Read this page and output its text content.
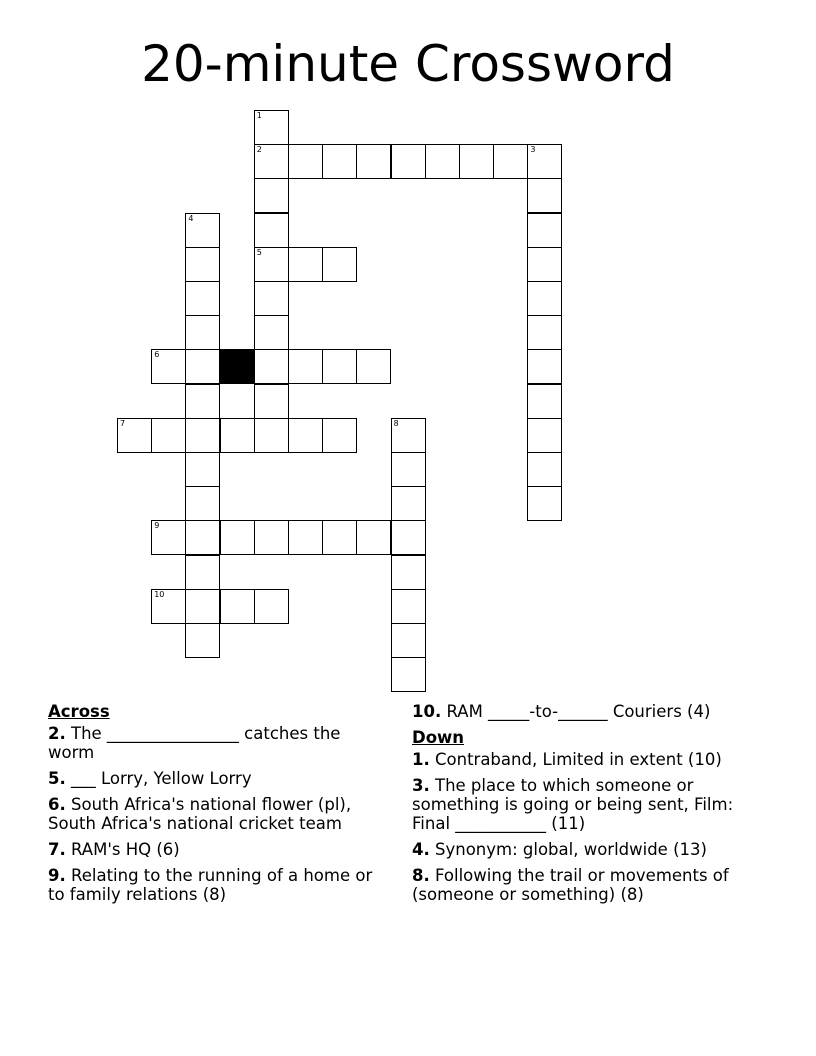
20-minute Crossword
2	3
5
6
7
9
10
1
4
8
Across
2. The ________________ catches the worm
5. ___ Lorry, Yellow Lorry
6. South Africa's national flower (pl), South Africa's national cricket team
7. RAM's HQ (6)
9. Relating to the running of a home or to family relations (8)
10. RAM _____-to-______ Couriers (4)
Down
1. Contraband, Limited in extent (10)
3. The place to which someone or something is going or being sent, Film: Final ___________ (11)
4. Synonym: global, worldwide (13)
8. Following the trail or movements of (someone or something) (8)
